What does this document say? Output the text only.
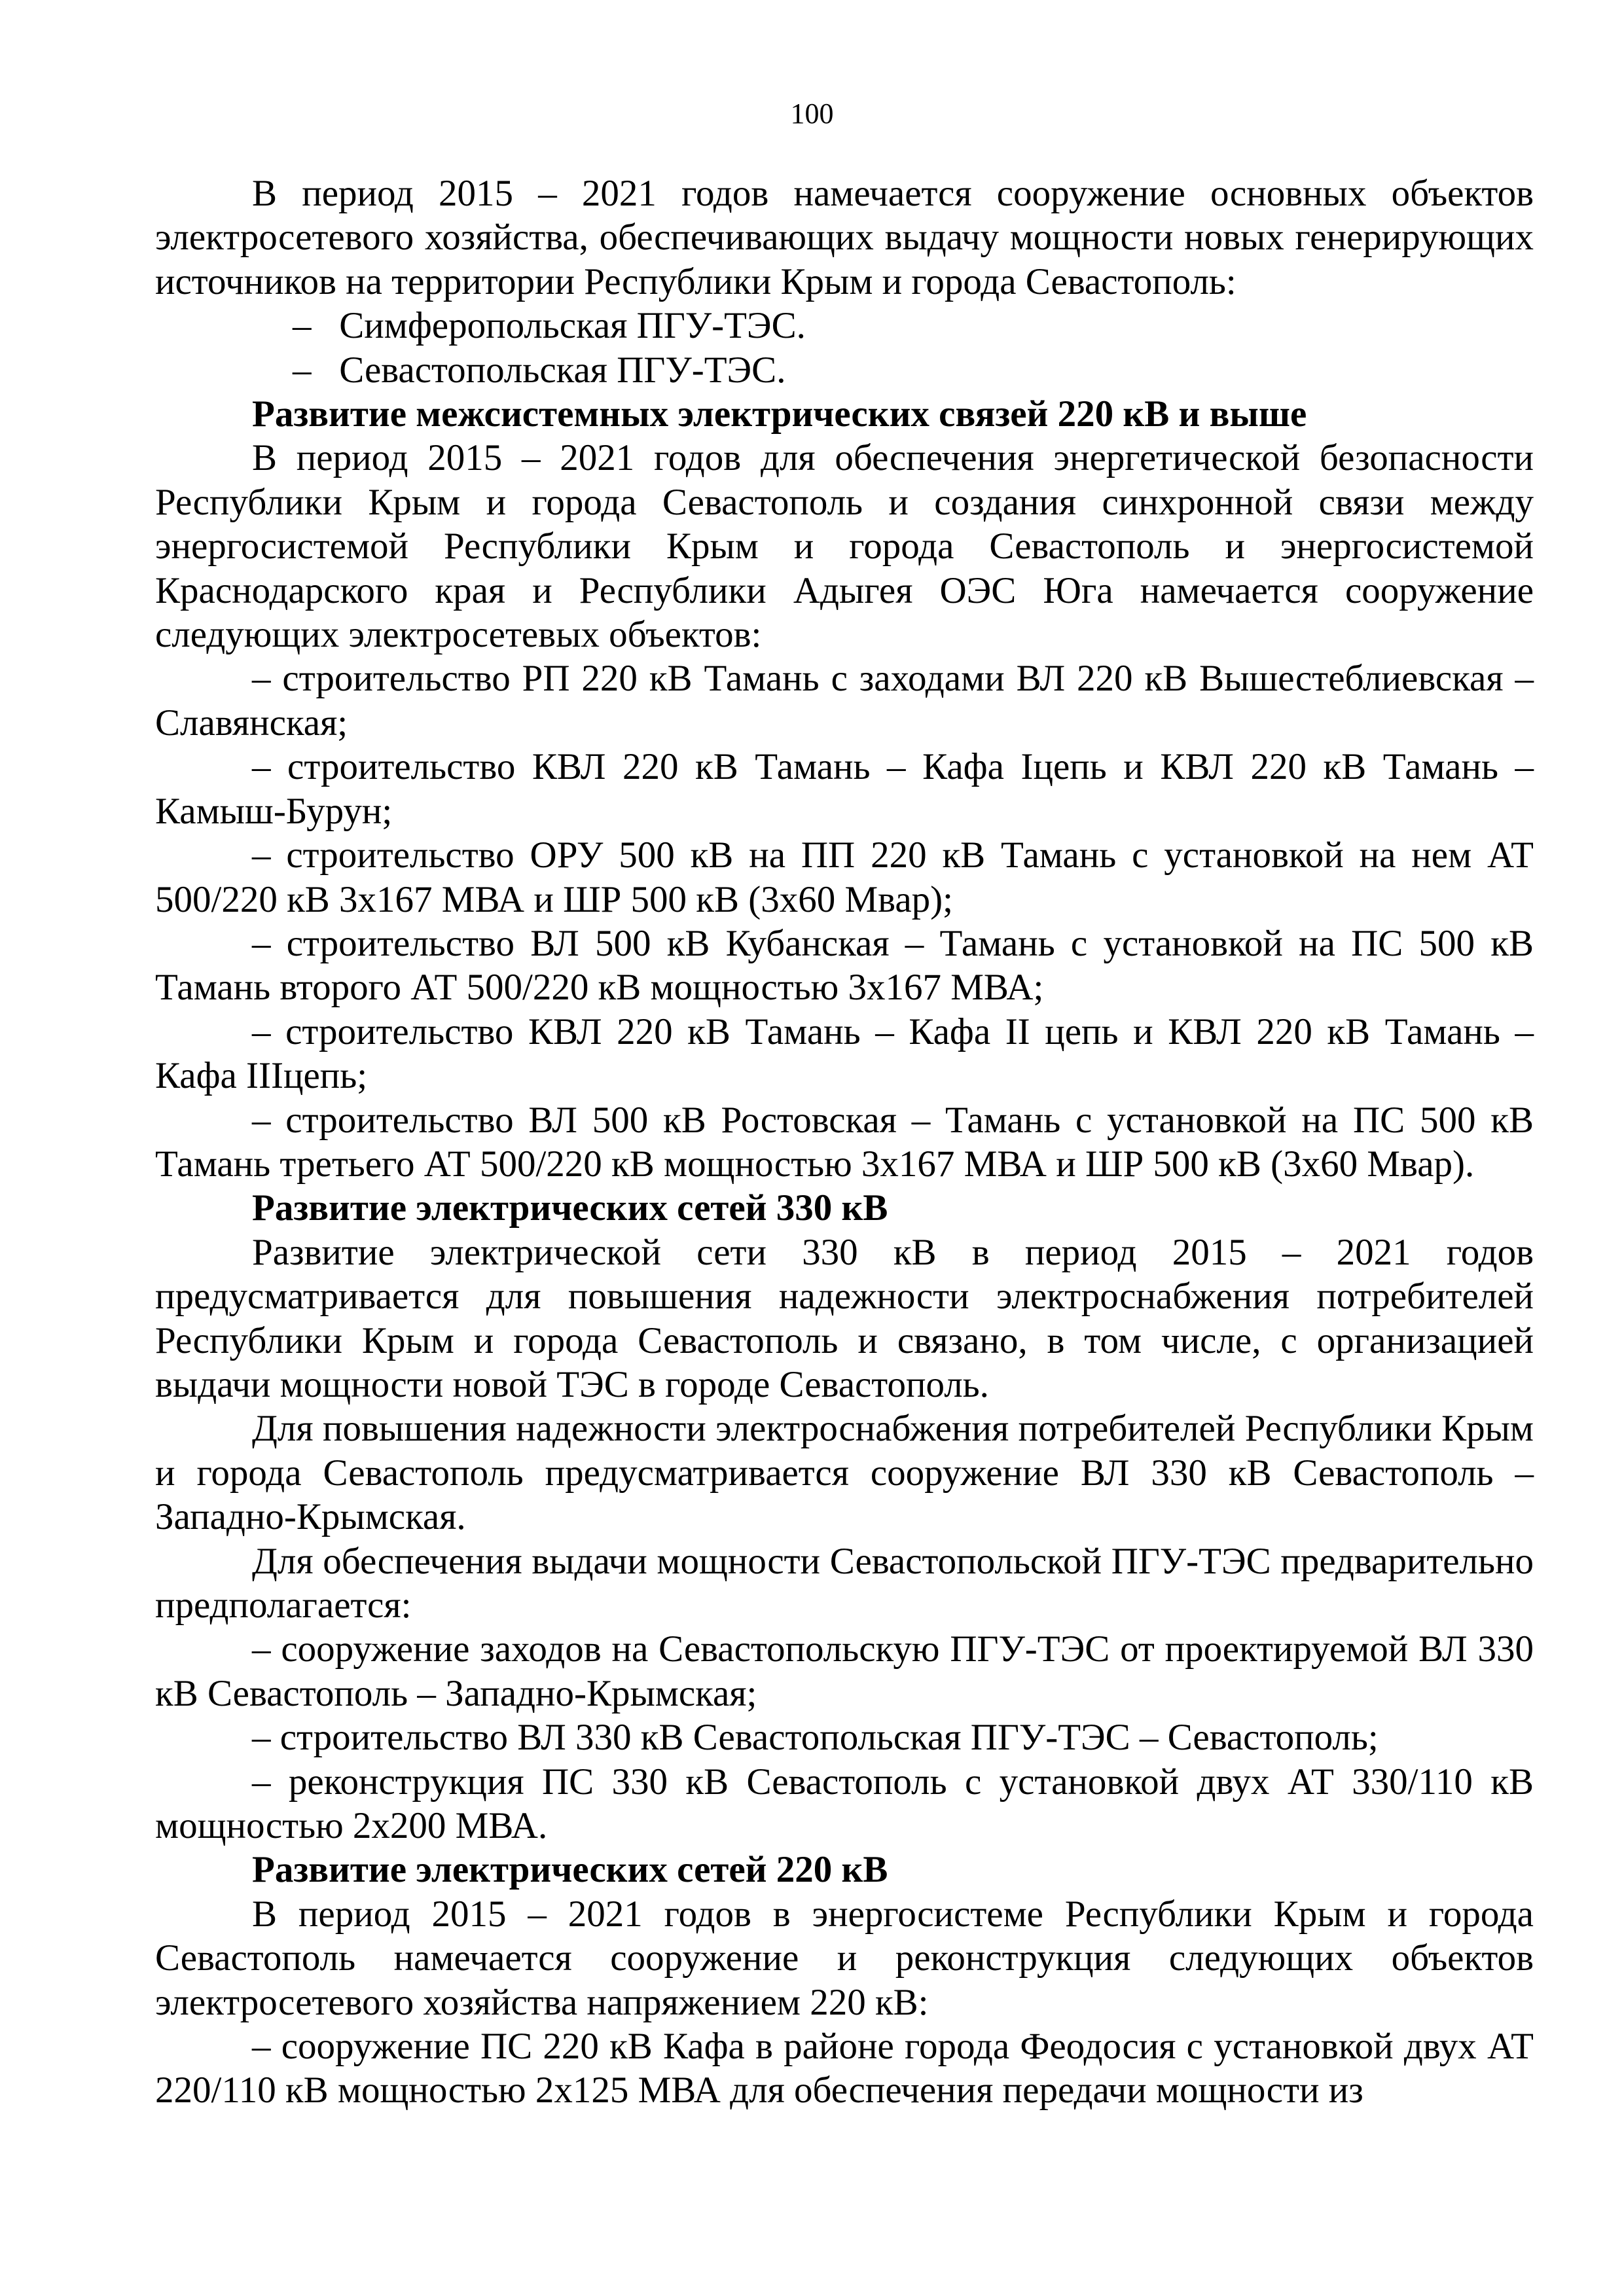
100

В период 2015 – 2021 годов намечается сооружение основных объектов электросетевого хозяйства, обеспечивающих выдачу мощности новых генерирующих источников на территории Республики Крым и города Севастополь:

–   Симферопольская ПГУ-ТЭС.

–   Севастопольская ПГУ-ТЭС.

Развитие межсистемных электрических связей 220 кВ и выше

В период 2015 – 2021 годов для обеспечения энергетической безопасности Республики Крым и города Севастополь и создания синхронной связи между энергосистемой Республики Крым и города Севастополь и энергосистемой Краснодарского края и Республики Адыгея ОЭС Юга намечается сооружение следующих электросетевых объектов:

– строительство РП 220 кВ Тамань с заходами ВЛ 220 кВ Вышестеблиевская – Славянская;

– строительство КВЛ 220 кВ Тамань – Кафа Iцепь и КВЛ 220 кВ Тамань – Камыш-Бурун;

– строительство ОРУ 500 кВ на ПП 220 кВ Тамань с установкой на нем АТ 500/220 кВ 3х167 МВА и ШР 500 кВ (3х60 Мвар);

– строительство ВЛ 500 кВ Кубанская – Тамань с установкой на ПС 500 кВ Тамань второго АТ 500/220 кВ мощностью 3х167 МВА;

– строительство КВЛ 220 кВ Тамань – Кафа II цепь и КВЛ 220 кВ Тамань – Кафа IIIцепь;

– строительство ВЛ 500 кВ Ростовская – Тамань с установкой на ПС 500 кВ Тамань третьего АТ 500/220 кВ мощностью 3х167 МВА и ШР 500 кВ (3х60 Мвар).

Развитие электрических сетей 330 кВ

Развитие электрической сети 330 кВ в период 2015 – 2021 годов предусматривается для повышения надежности электроснабжения потребителей Республики Крым и города Севастополь и связано, в том числе, с организацией выдачи мощности новой ТЭС в городе Севастополь.

Для повышения надежности электроснабжения потребителей Республики Крым и города Севастополь предусматривается сооружение ВЛ 330 кВ Севастополь – Западно-Крымская.

Для обеспечения выдачи мощности Севастопольской ПГУ-ТЭС предварительно предполагается:

– сооружение заходов на Севастопольскую ПГУ-ТЭС от проектируемой ВЛ 330 кВ Севастополь – Западно-Крымская;

– строительство ВЛ 330 кВ Севастопольская ПГУ-ТЭС – Севастополь;

– реконструкция ПС 330 кВ Севастополь с установкой двух АТ 330/110 кВ мощностью 2х200 МВА.

Развитие электрических сетей 220 кВ

В период 2015 – 2021 годов в энергосистеме Республики Крым и города Севастополь намечается сооружение и реконструкция следующих объектов электросетевого хозяйства напряжением 220 кВ:

– сооружение ПС 220 кВ Кафа в районе города Феодосия с установкой двух АТ 220/110 кВ мощностью 2х125 МВА для обеспечения передачи мощности из
